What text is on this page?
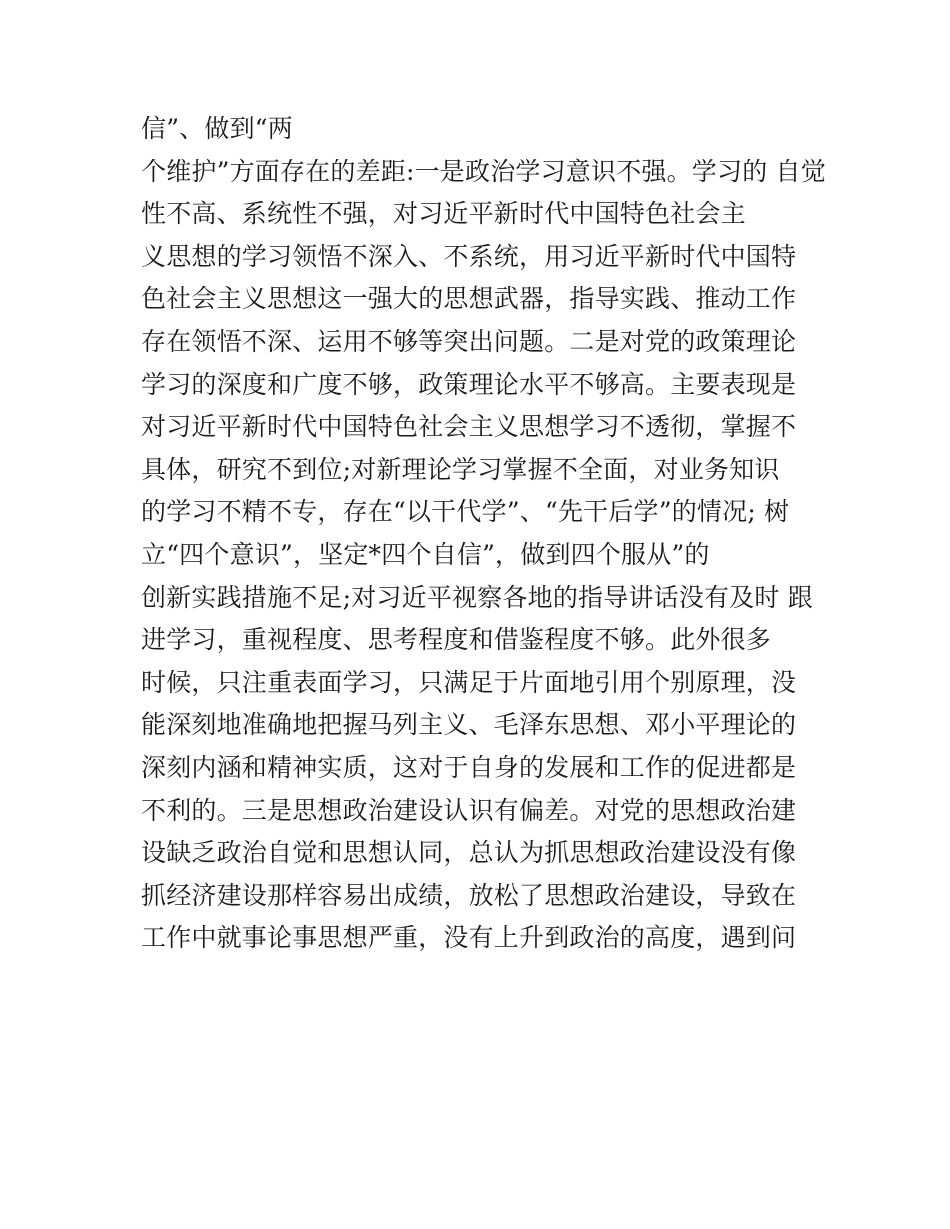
信”、做到“两
个维护”方面存在的差距:一是政治学习意识不强。学习的 自觉
性不高、系统性不强，对习近平新时代中国特色社会主
义思想的学习领悟不深入、不系统，用习近平新时代中国特
色社会主义思想这一强大的思想武器，指导实践、推动工作
存在领悟不深、运用不够等突出问题。二是对党的政策理论
学习的深度和广度不够，政策理论水平不够高。主要表现是
对习近平新时代中国特色社会主义思想学习不透彻，掌握不
具体，研究不到位;对新理论学习掌握不全面，对业务知识
的学习不精不专，存在“以干代学”、“先干后学”的情况; 树
立“四个意识”，坚定*四个自信”，做到四个服从”的
创新实践措施不足;对习近平视察各地的指导讲话没有及时 跟
进学习，重视程度、思考程度和借鉴程度不够。此外很多
时候，只注重表面学习，只满足于片面地引用个别原理，没
能深刻地准确地把握马列主义、毛泽东思想、邓小平理论的
深刻内涵和精神实质，这对于自身的发展和工作的促进都是
不利的。三是思想政治建设认识有偏差。对党的思想政治建
设缺乏政治自觉和思想认同，总认为抓思想政治建设没有像
抓经济建设那样容易出成绩，放松了思想政治建设，导致在
工作中就事论事思想严重，没有上升到政治的高度，遇到问
